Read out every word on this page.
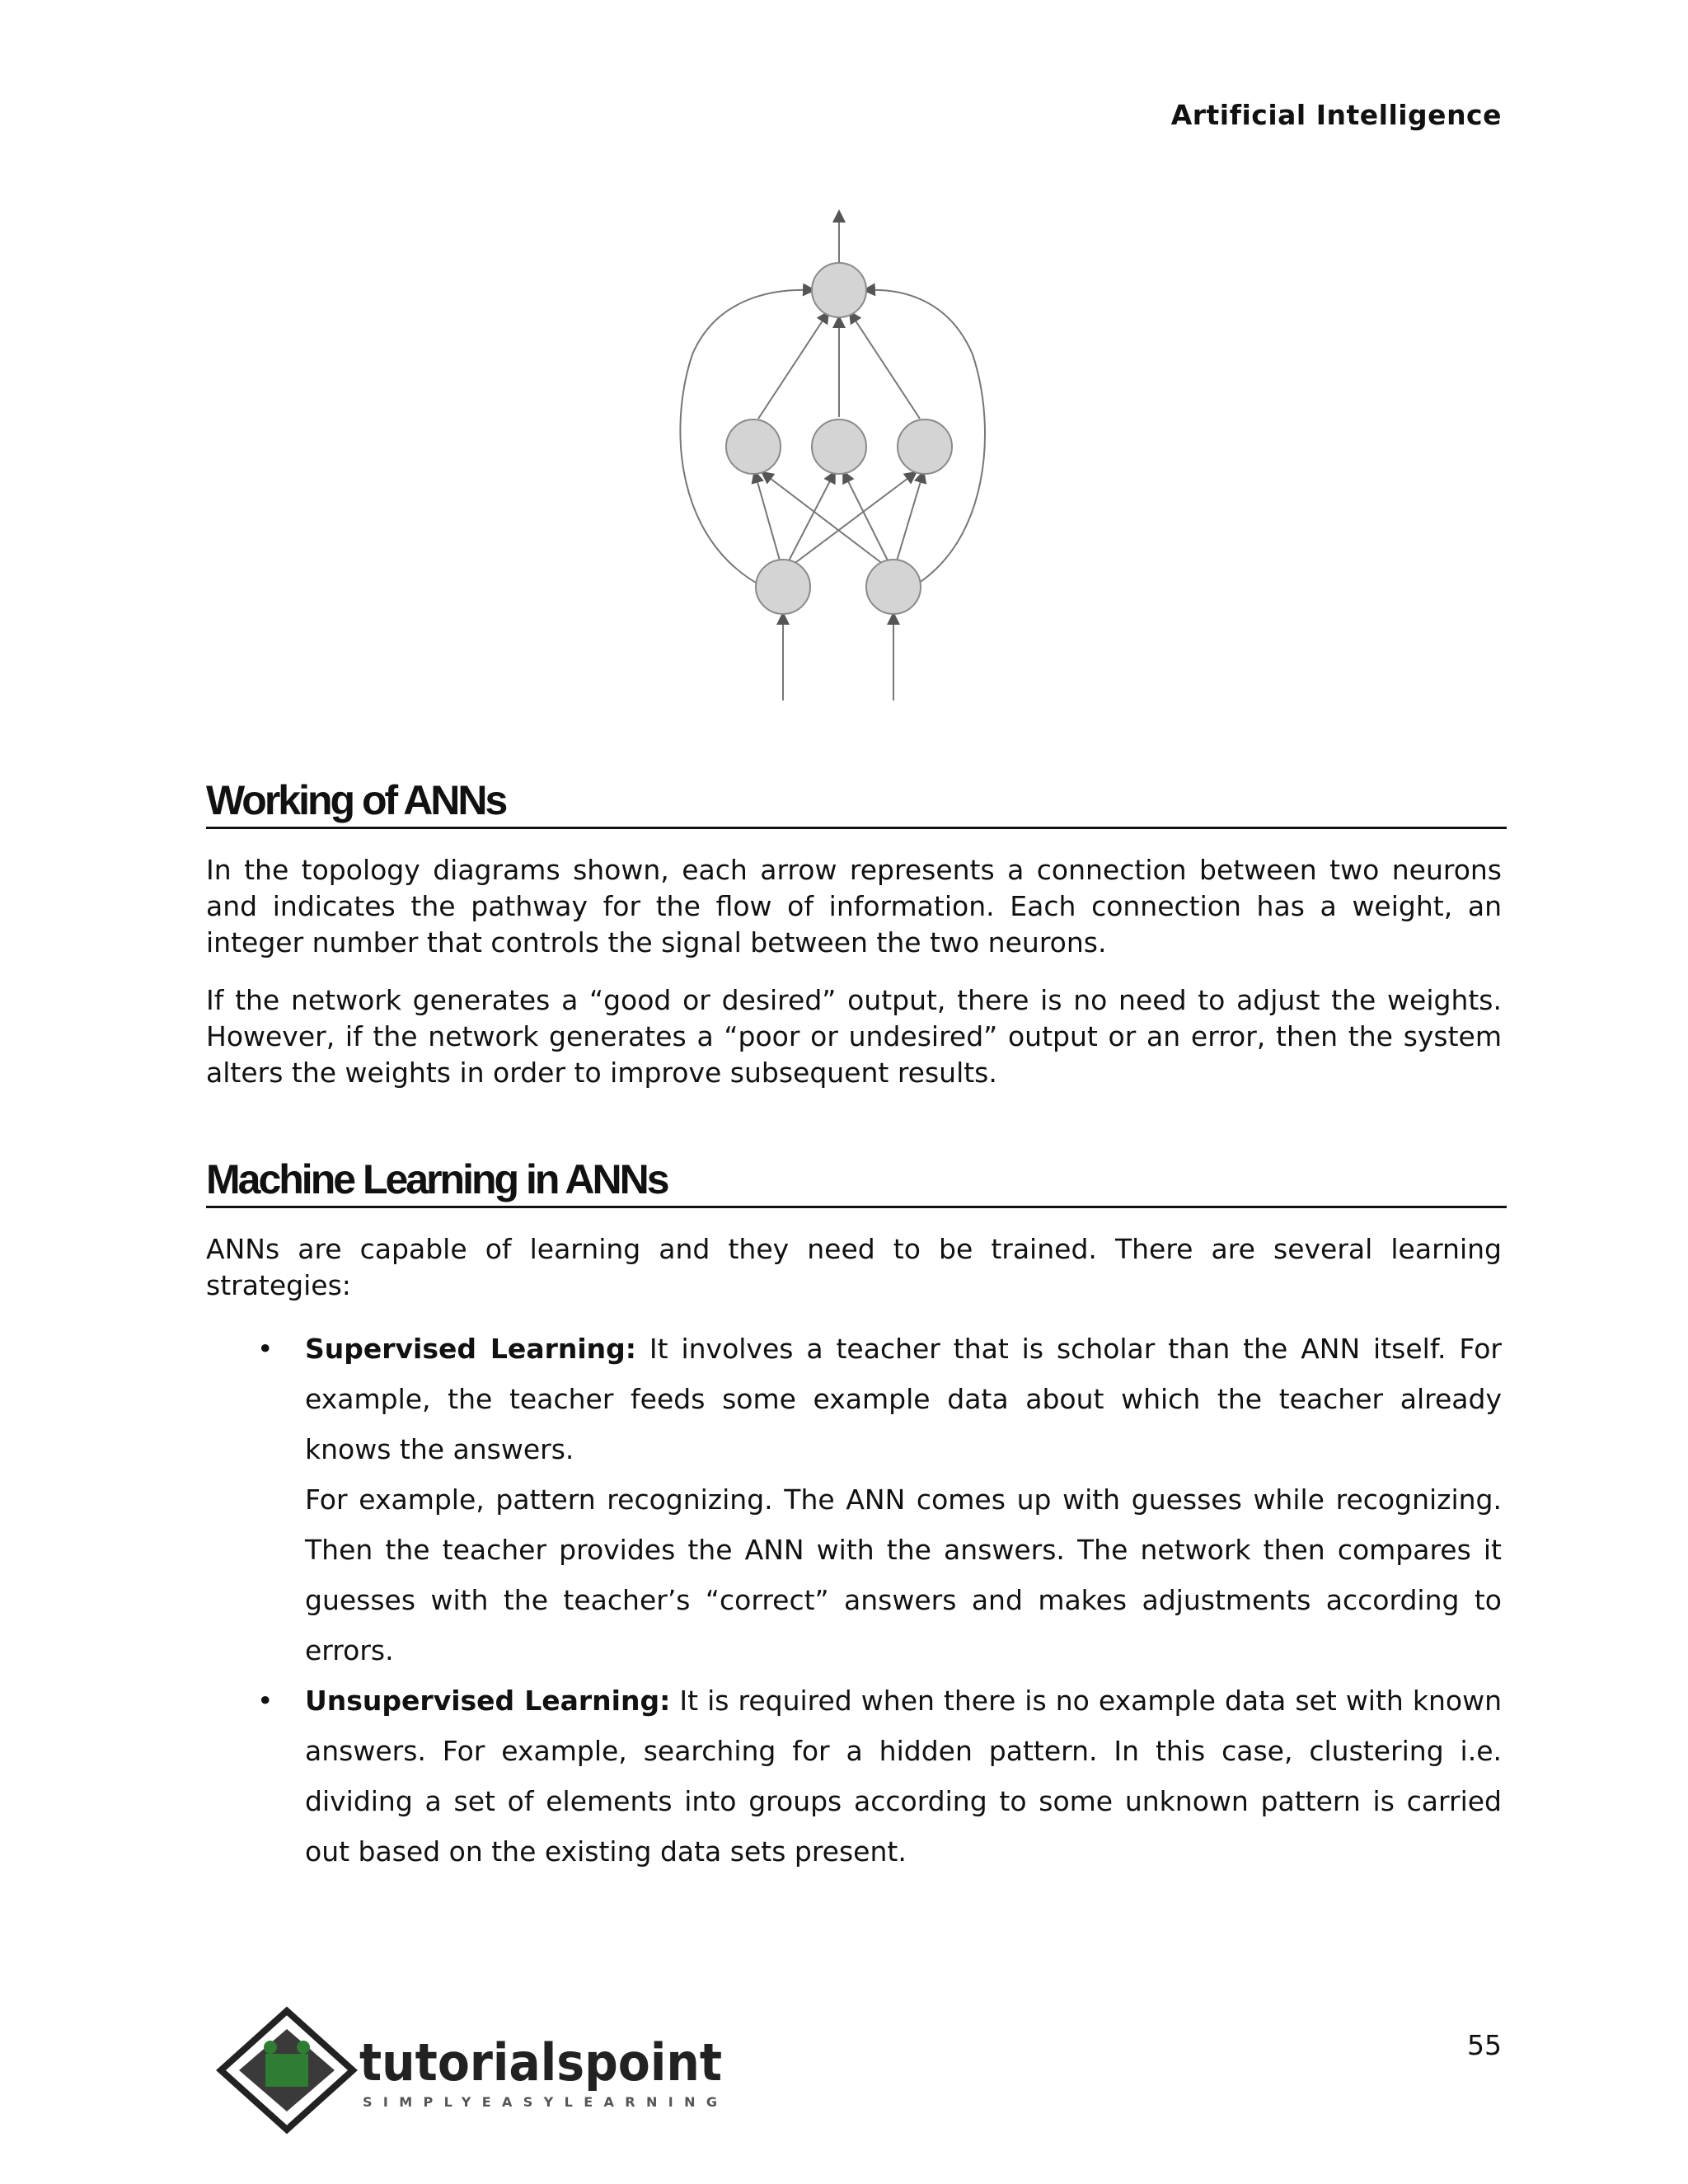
Artificial Intelligence
Working of ANNs

In the topology diagrams shown, each arrow represents a connection between two neurons and indicates the pathway for the flow of information. Each connection has a weight, an integer number that controls the signal between the two neurons.

If the network generates a “good or desired” output, there is no need to adjust the weights. However, if the network generates a “poor or undesired” output or an error, then the system alters the weights in order to improve subsequent results.

Machine Learning in ANNs

ANNs are capable of learning and they need to be trained. There are several learning strategies:

• Supervised Learning: It involves a teacher that is scholar than the ANN itself. For example, the teacher feeds some example data about which the teacher already knows the answers.
For example, pattern recognizing. The ANN comes up with guesses while recognizing. Then the teacher provides the ANN with the answers. The network then compares it guesses with the teacher’s “correct” answers and makes adjustments according to errors.
• Unsupervised Learning: It is required when there is no example data set with known answers. For example, searching for a hidden pattern. In this case, clustering i.e. dividing a set of elements into groups according to some unknown pattern is carried out based on the existing data sets present.
tutorialspoint
SIMPLYEASYLEARNING
55
